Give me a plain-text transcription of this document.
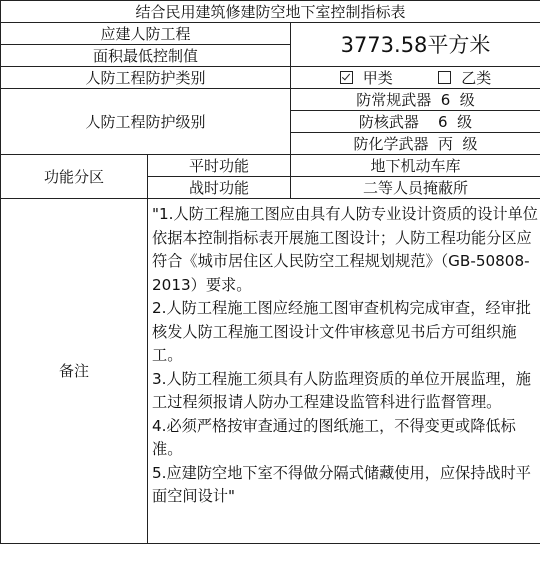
结合民用建筑修建防空地下室控制指标表		
应建人防工程		3773.58平方米
面积最低控制值		
人防工程防护类别		甲类 乙类
人防工程防护级别		防常规武器  6  级
		防核武器    6  级
		防化学武器  丙  级
功能分区	平时功能	地下机动车库
	战时功能	二等人员掩蔽所
备注	"1.人防工程施工图应由具有人防专业设计资质的设计单位依据本控制指标表开展施工图设计；人防工程功能分区应符合《城市居住区人民防空工程规划规范》（GB-50808-2013）要求。
2.人防工程施工图应经施工图审查机构完成审查，经审批核发人防工程施工图设计文件审核意见书后方可组织施工。
3.人防工程施工须具有人防监理资质的单位开展监理，施工过程须报请人防办工程建设监管科进行监督管理。
4.必须严格按审查通过的图纸施工，不得变更或降低标准。
5.应建防空地下室不得做分隔式储藏使用，应保持战时平面空间设计"	
